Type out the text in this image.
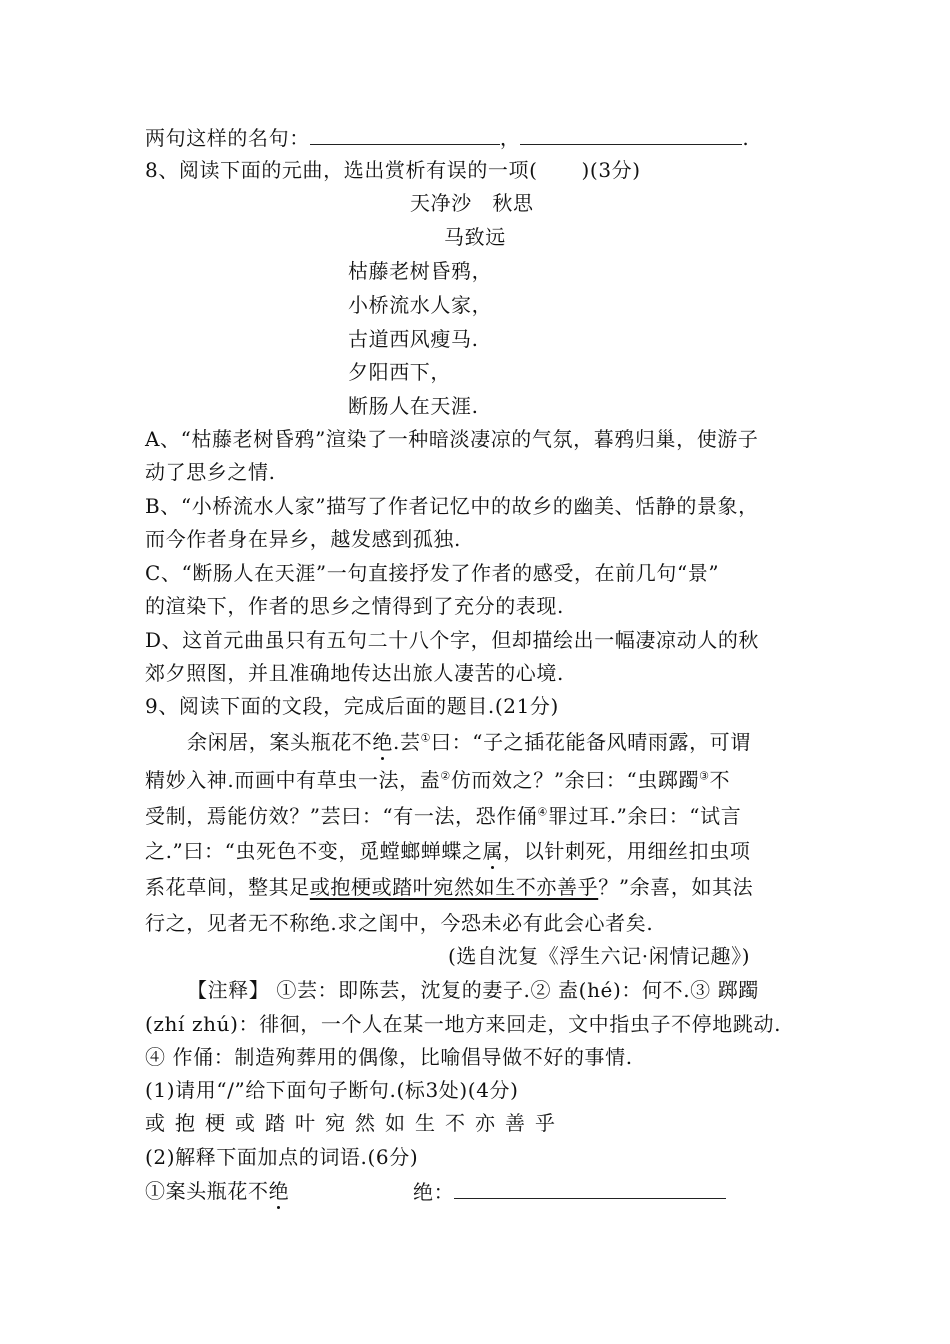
两句这样的名句：	，	.
8、阅读下面的元曲，选出赏析有误的一项( )(3分)
天净沙　秋思
马致远
枯藤老树昏鸦，
小桥流水人家，
古道西风瘦马.
夕阳西下，
断肠人在天涯.
A、“枯藤老树昏鸦”渲染了一种暗淡凄凉的气氛，暮鸦归巢，使游子
动了思乡之情.
B、“小桥流水人家”描写了作者记忆中的故乡的幽美、恬静的景象，
而今作者身在异乡，越发感到孤独.
C、“断肠人在天涯”一句直接抒发了作者的感受，在前几句“景”
的渲染下，作者的思乡之情得到了充分的表现.
D、这首元曲虽只有五句二十八个字，但却描绘出一幅凄凉动人的秋
郊夕照图，并且准确地传达出旅人凄苦的心境.
9、阅读下面的文段，完成后面的题目.(21分)
余闲居，案头瓶花不绝.芸①曰：“子之插花能备风晴雨露，可谓
精妙入神.而画中有草虫一法，盍②仿而效之？”余曰：“虫踯躅③不
受制，焉能仿效？”芸曰：“有一法，恐作俑④罪过耳.”余曰：“试言
之.”曰：“虫死色不变，觅螳螂蝉蝶之属，以针刺死，用细丝扣虫项
系花草间，整其足或抱梗或踏叶宛然如生不亦善乎？”余喜，如其法
行之，见者无不称绝.求之闺中，今恐未必有此会心者矣.
(选自沈复《浮生六记·闲情记趣》)
【注释】 ①芸：即陈芸，沈复的妻子.② 盍(hé)：何不.③ 踯躅
(zhí zhú)：徘徊，一个人在某一地方来回走，文中指虫子不停地跳动.
④ 作俑：制造殉葬用的偶像，比喻倡导做不好的事情.
(1)请用“/”给下面句子断句.(标3处)(4分)
或抱梗或踏叶宛然如生不亦善乎
(2)解释下面加点的词语.(6分)
①案头瓶花不绝	绝：
